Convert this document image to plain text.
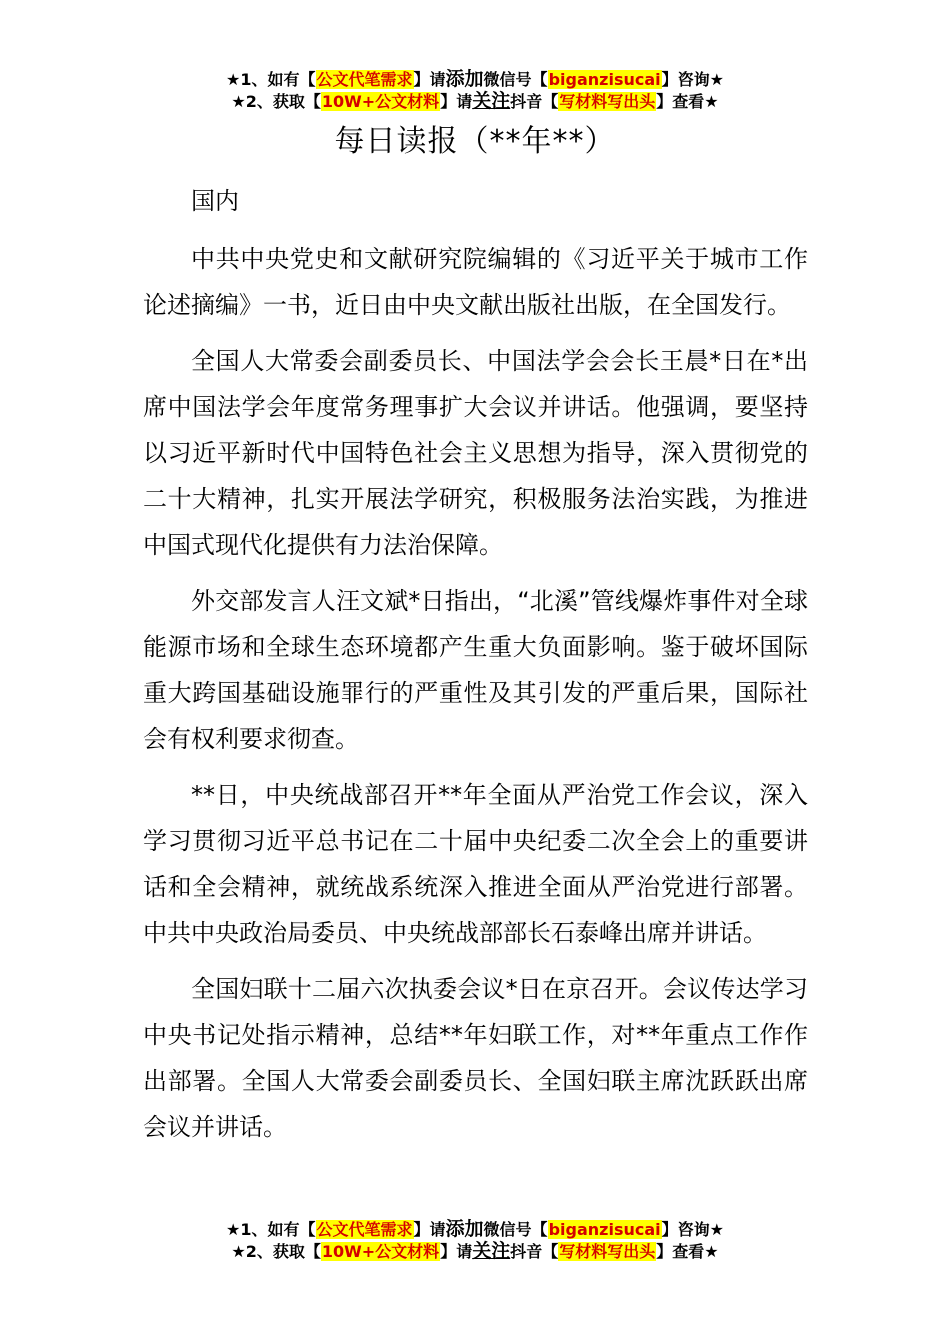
★1、如有【公文代笔需求】请添加微信号【biganzisucai】咨询★
★2、获取【10W+公文材料】请关注抖音【写材料写出头】查看★
每日读报（**年**）

国内

中共中央党史和文献研究院编辑的《习近平关于城市工作论述摘编》一书，近日由中央文献出版社出版，在全国发行。

全国人大常委会副委员长、中国法学会会长王晨*日在*出席中国法学会年度常务理事扩大会议并讲话。他强调，要坚持以习近平新时代中国特色社会主义思想为指导，深入贯彻党的二十大精神，扎实开展法学研究，积极服务法治实践，为推进中国式现代化提供有力法治保障。

外交部发言人汪文斌*日指出，“北溪”管线爆炸事件对全球能源市场和全球生态环境都产生重大负面影响。鉴于破坏国际重大跨国基础设施罪行的严重性及其引发的严重后果，国际社会有权利要求彻查。

**日，中央统战部召开**年全面从严治党工作会议，深入学习贯彻习近平总书记在二十届中央纪委二次全会上的重要讲话和全会精神，就统战系统深入推进全面从严治党进行部署。中共中央政治局委员、中央统战部部长石泰峰出席并讲话。

全国妇联十二届六次执委会议*日在京召开。会议传达学习中央书记处指示精神，总结**年妇联工作，对**年重点工作作出部署。全国人大常委会副委员长、全国妇联主席沈跃跃出席会议并讲话。

★1、如有【公文代笔需求】请添加微信号【biganzisucai】咨询★
★2、获取【10W+公文材料】请关注抖音【写材料写出头】查看★
